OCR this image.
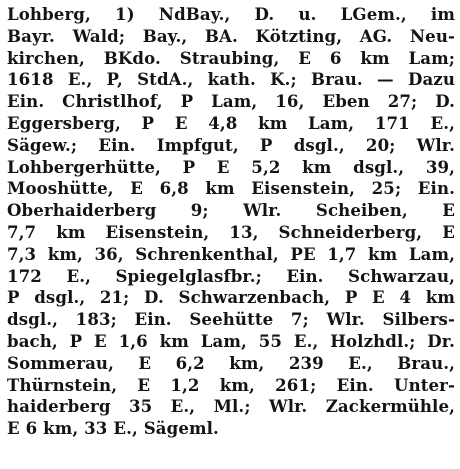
Lohberg, 1) NdBay., D. u. LGem., im
Bayr. Wald; Bay., BA. Kötzting, AG. Neu-
kirchen, BKdo. Straubing, E 6 km Lam;
1618 E., P, StdA., kath. K.; Brau. — Dazu
Ein. Christlhof, P Lam, 16, Eben 27; D.
Eggersberg, P E 4,8 km Lam, 171 E.,
Sägew.; Ein. Impfgut, P dsgl., 20; Wlr.
Lohbergerhütte, P E 5,2 km dsgl., 39,
Mooshütte, E 6,8 km Eisenstein, 25; Ein.
Oberhaiderberg 9; Wlr. Scheiben, E
7,7 km Eisenstein, 13, Schneiderberg, E
7,3 km, 36, Schrenkenthal, PE 1,7 km Lam,
172 E., Spiegelglasfbr.; Ein. Schwarzau,
P dsgl., 21; D. Schwarzenbach, P E 4 km
dsgl., 183; Ein. Seehütte 7; Wlr. Silbers-
bach, P E 1,6 km Lam, 55 E., Holzhdl.; Dr.
Sommerau, E 6,2 km, 239 E., Brau.,
Thürnstein, E 1,2 km, 261; Ein. Unter-
haiderberg 35 E., Ml.; Wlr. Zackermühle,
E 6 km, 33 E., Sägeml.
